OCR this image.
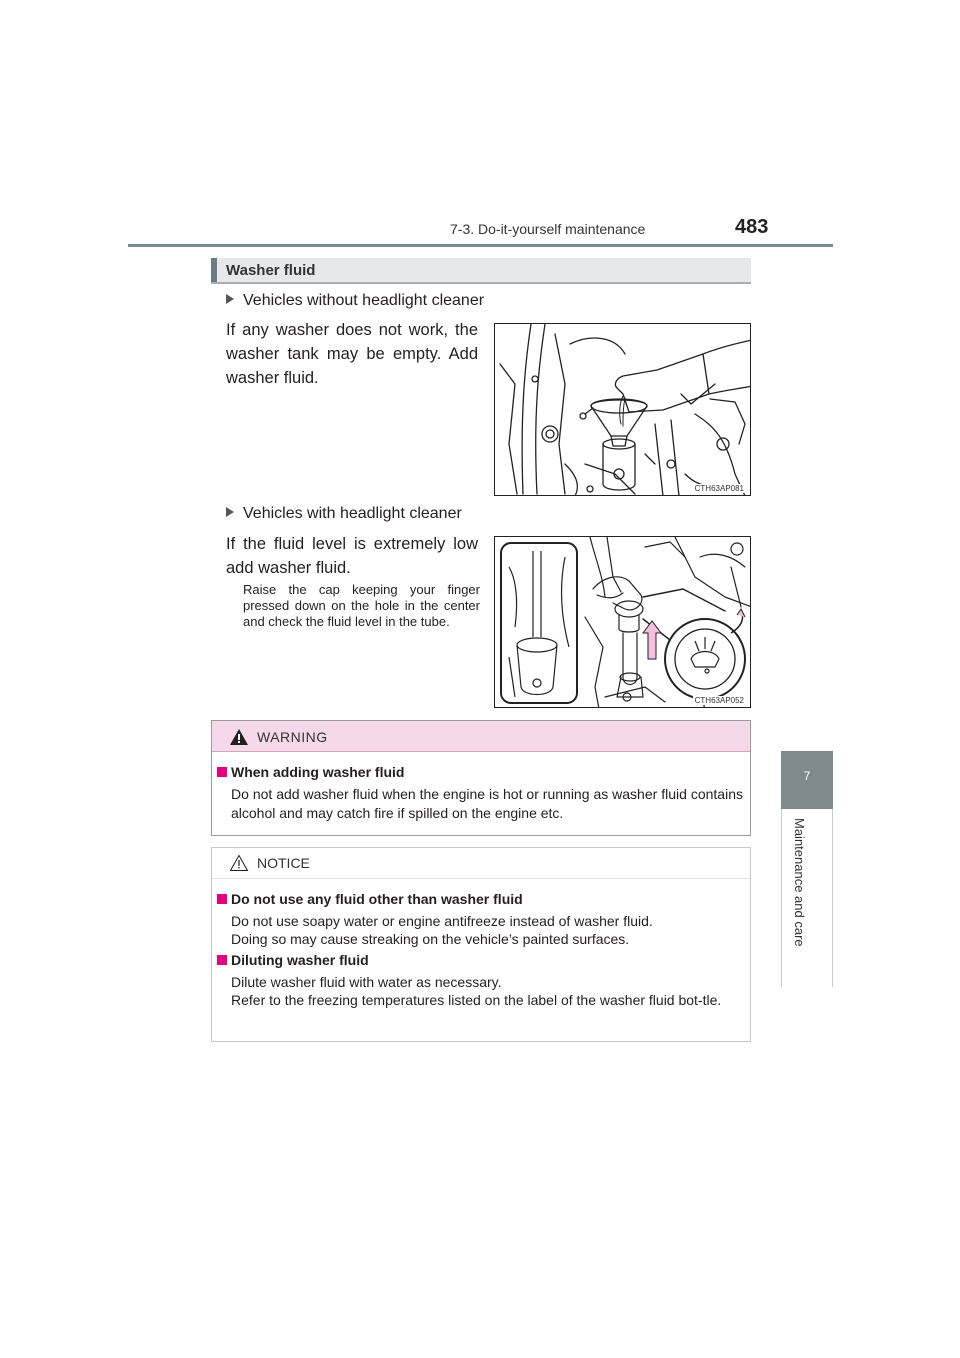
7-3. Do-it-yourself maintenance	483
7
Maintenance and care
Washer fluid
Vehicles without headlight cleaner
If any washer does not work, the washer tank may be empty. Add washer fluid.
CTH63AP081
Vehicles with headlight cleaner
If the fluid level is extremely low add washer fluid.
Raise the cap keeping your finger pressed down on the hole in the center and check the fluid level in the tube.
CTH63AP052
WARNING
When adding washer fluid
Do not add washer fluid when the engine is hot or running as washer fluid contains alcohol and may catch fire if spilled on the engine etc.
NOTICE
Do not use any fluid other than washer fluid
Do not use soapy water or engine antifreeze instead of washer fluid.
Doing so may cause streaking on the vehicle’s painted surfaces.
Diluting washer fluid
Dilute washer fluid with water as necessary.
Refer to the freezing temperatures listed on the label of the washer fluid bot-tle.
